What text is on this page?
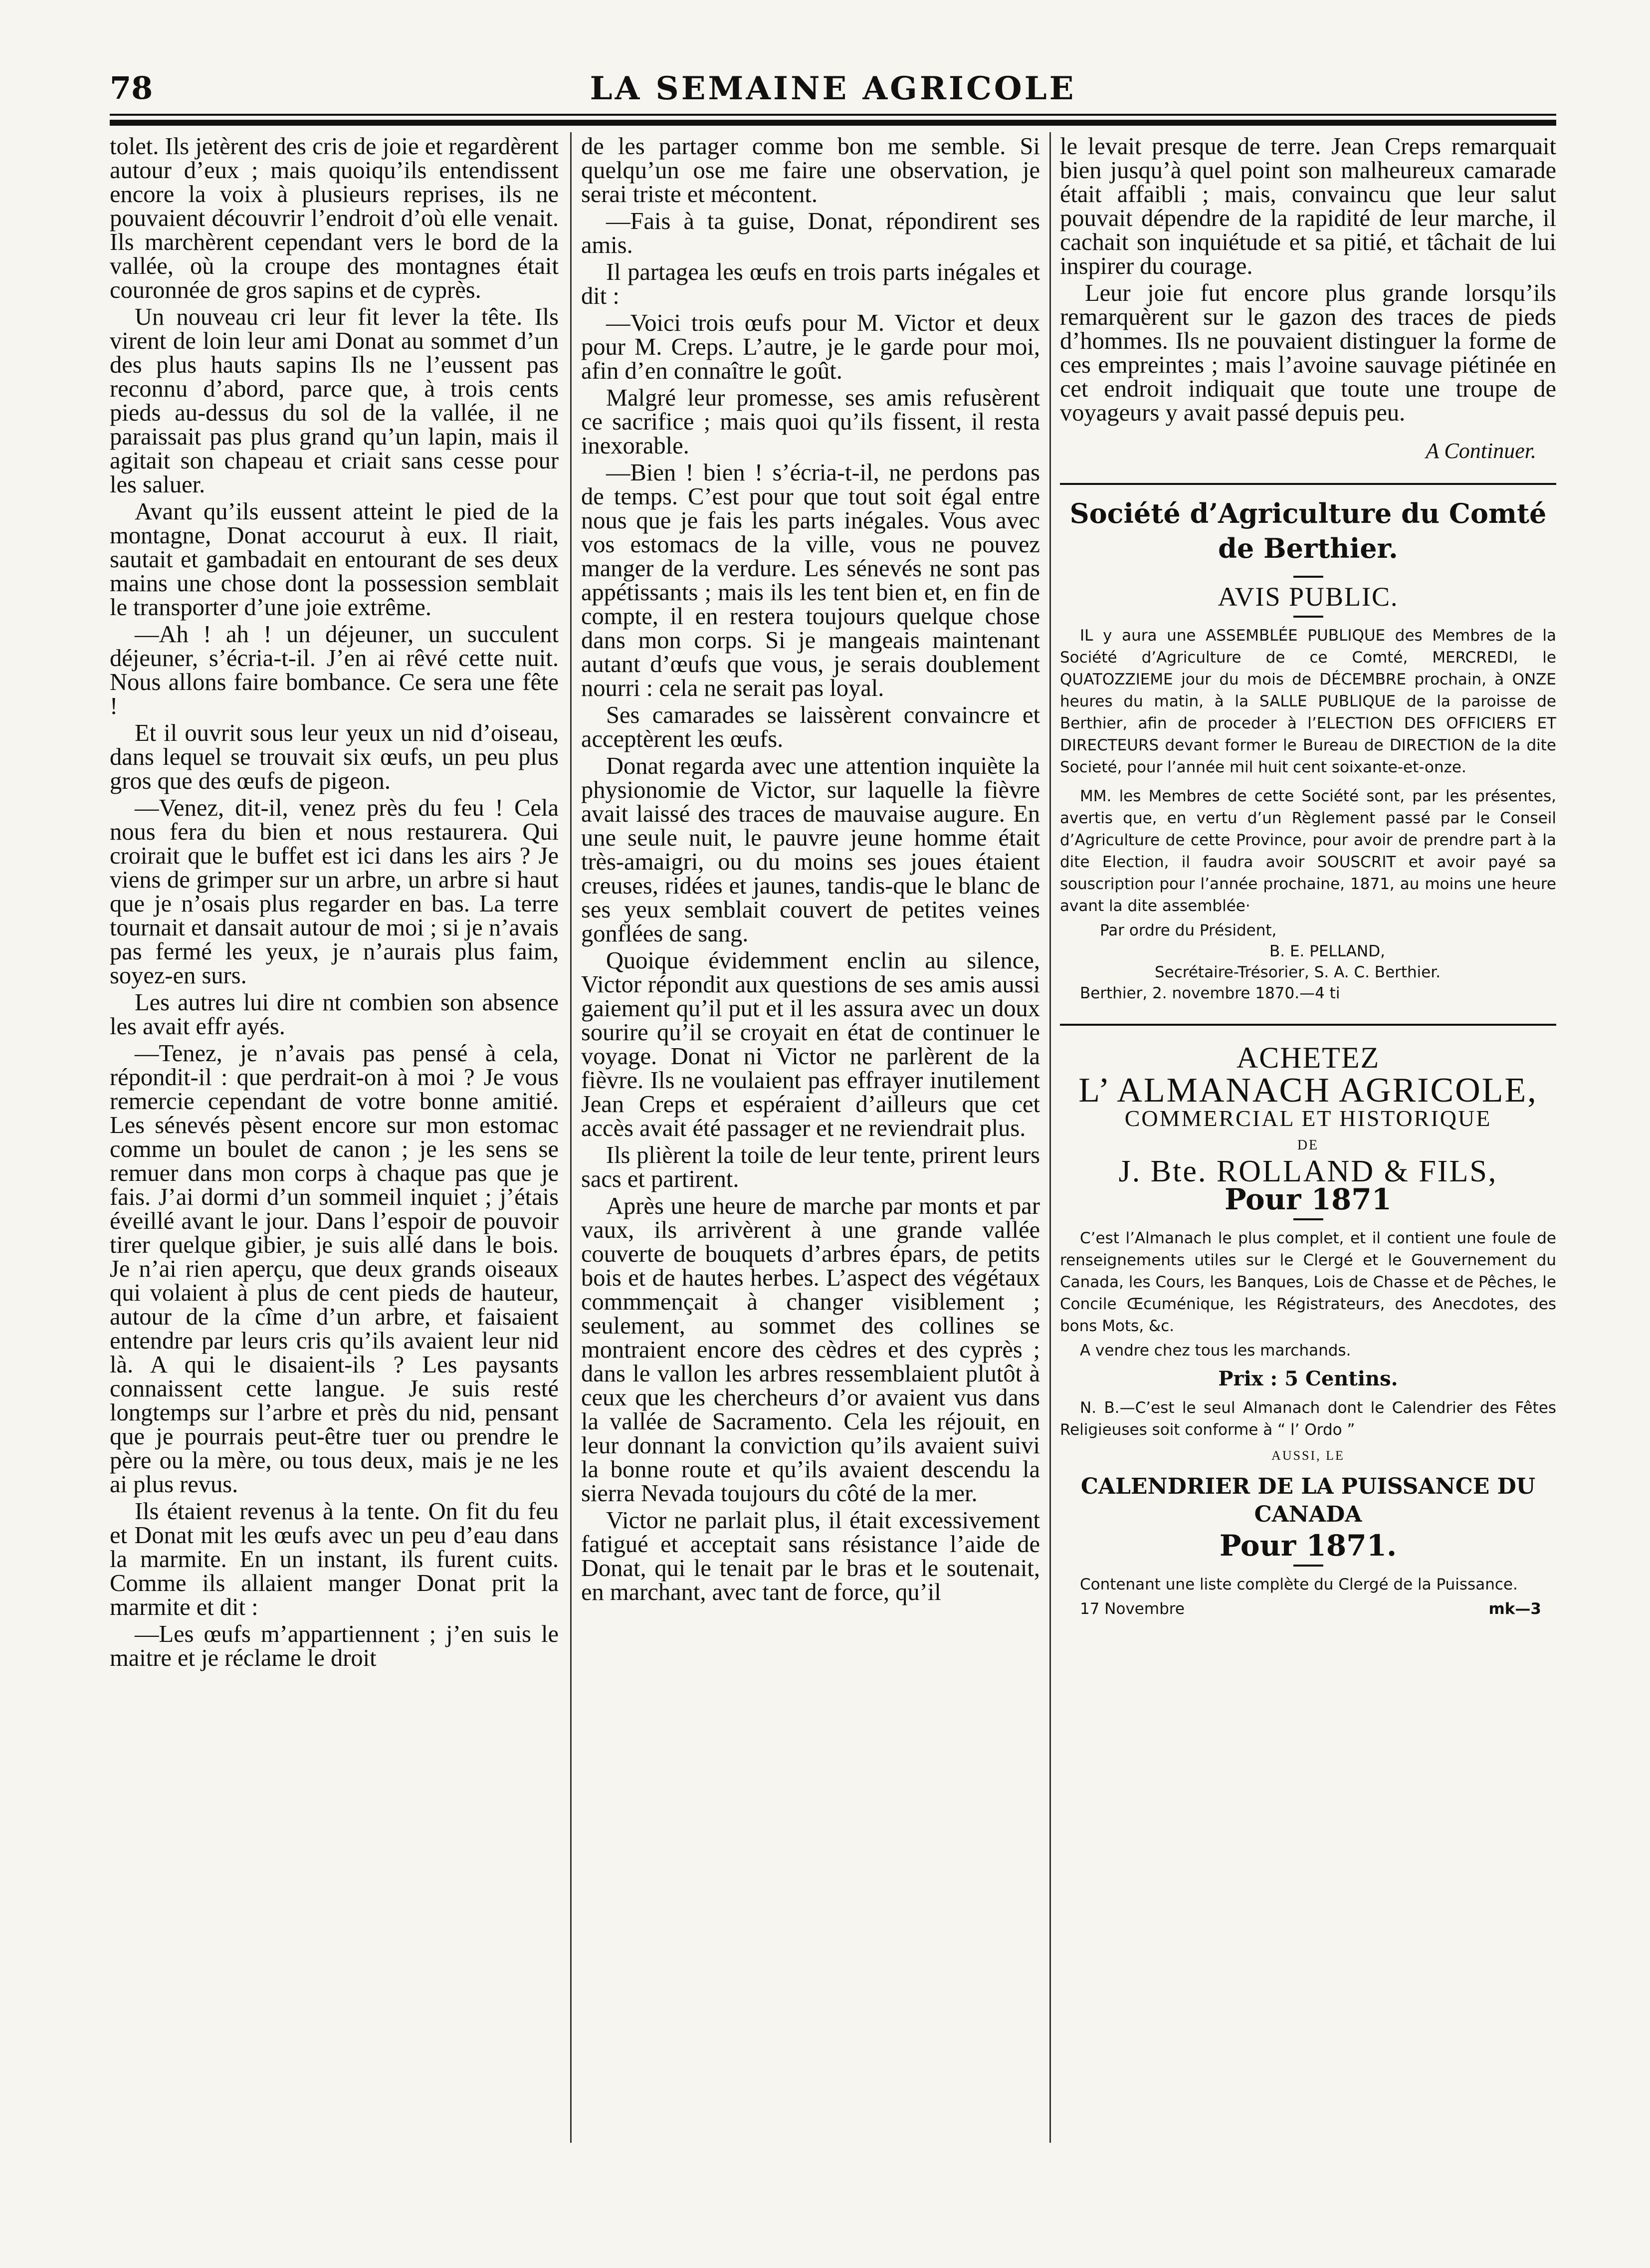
78	LA SEMAINE AGRICOLE

tolet. Ils jetèrent des cris de joie et regardèrent autour d’eux ; mais quoiqu’ils entendissent encore la voix à plusieurs reprises, ils ne pouvaient découvrir l’endroit d’où elle venait. Ils marchèrent cependant vers le bord de la vallée, où la croupe des montagnes était couronnée de gros sapins et de cyprès.

Un nouveau cri leur fit lever la tête. Ils virent de loin leur ami Donat au sommet d’un des plus hauts sapins Ils ne l’eussent pas reconnu d’abord, parce que, à trois cents pieds au-dessus du sol de la vallée, il ne paraissait pas plus grand qu’un lapin, mais il agitait son chapeau et criait sans cesse pour les saluer.

Avant qu’ils eussent atteint le pied de la montagne, Donat accourut à eux. Il riait, sautait et gambadait en entourant de ses deux mains une chose dont la possession semblait le transporter d’une joie extrême.

—Ah ! ah ! un déjeuner, un succulent déjeuner, s’écria-t-il. J’en ai rêvé cette nuit. Nous allons faire bombance. Ce sera une fête !

Et il ouvrit sous leur yeux un nid d’oiseau, dans lequel se trouvait six œufs, un peu plus gros que des œufs de pigeon.

—Venez, dit-il, venez près du feu ! Cela nous fera du bien et nous restaurera. Qui croirait que le buffet est ici dans les airs ? Je viens de grimper sur un arbre, un arbre si haut que je n’osais plus regarder en bas. La terre tournait et dansait autour de moi ; si je n’avais pas fermé les yeux, je n’aurais plus faim, soyez-en surs.

Les autres lui dire nt combien son absence les avait effr ayés.

—Tenez, je n’avais pas pensé à cela, répondit-il : que perdrait-on à moi ? Je vous remercie cependant de votre bonne amitié. Les sénevés pèsent encore sur mon estomac comme un boulet de canon ; je les sens se remuer dans mon corps à chaque pas que je fais. J’ai dormi d’un sommeil inquiet ; j’étais éveillé avant le jour. Dans l’espoir de pouvoir tirer quelque gibier, je suis allé dans le bois. Je n’ai rien aperçu, que deux grands oiseaux qui volaient à plus de cent pieds de hauteur, autour de la cîme d’un arbre, et faisaient entendre par leurs cris qu’ils avaient leur nid là. A qui le disaient-ils ? Les paysants connaissent cette langue. Je suis resté longtemps sur l’arbre et près du nid, pensant que je pourrais peut-être tuer ou prendre le père ou la mère, ou tous deux, mais je ne les ai plus revus.

Ils étaient revenus à la tente. On fit du feu et Donat mit les œufs avec un peu d’eau dans la marmite. En un instant, ils furent cuits. Comme ils allaient manger Donat prit la marmite et dit :

—Les œufs m’appartiennent ; j’en suis le maitre et je réclame le droit

de les partager comme bon me semble. Si quelqu’un ose me faire une observation, je serai triste et mécontent.

—Fais à ta guise, Donat, répondirent ses amis.

Il partagea les œufs en trois parts inégales et dit :

—Voici trois œufs pour M. Victor et deux pour M. Creps. L’autre, je le garde pour moi, afin d’en connaître le goût.

Malgré leur promesse, ses amis refusèrent ce sacrifice ; mais quoi qu’ils fissent, il resta inexorable.

—Bien ! bien ! s’écria-t-il, ne perdons pas de temps. C’est pour que tout soit égal entre nous que je fais les parts inégales. Vous avec vos estomacs de la ville, vous ne pouvez manger de la verdure. Les sénevés ne sont pas appétissants ; mais ils les tent bien et, en fin de compte, il en restera toujours quelque chose dans mon corps. Si je mangeais maintenant autant d’œufs que vous, je serais doublement nourri : cela ne serait pas loyal.

Ses camarades se laissèrent convaincre et acceptèrent les œufs.

Donat regarda avec une attention inquiète la physionomie de Victor, sur laquelle la fièvre avait laissé des traces de mauvaise augure. En une seule nuit, le pauvre jeune homme était très-amaigri, ou du moins ses joues étaient creuses, ridées et jaunes, tandis-que le blanc de ses yeux semblait couvert de petites veines gonflées de sang.

Quoique évidemment enclin au silence, Victor répondit aux questions de ses amis aussi gaiement qu’il put et il les assura avec un doux sourire qu’il se croyait en état de continuer le voyage. Donat ni Victor ne parlèrent de la fièvre. Ils ne voulaient pas effrayer inutilement Jean Creps et espéraient d’ailleurs que cet accès avait été passager et ne reviendrait plus.

Ils plièrent la toile de leur tente, prirent leurs sacs et partirent.

Après une heure de marche par monts et par vaux, ils arrivèrent à une grande vallée couverte de bouquets d’arbres épars, de petits bois et de hautes herbes. L’aspect des végétaux commmençait à changer visiblement ; seulement, au sommet des collines se montraient encore des cèdres et des cyprès ; dans le vallon les arbres ressemblaient plutôt à ceux que les chercheurs d’or avaient vus dans la vallée de Sacramento. Cela les réjouit, en leur donnant la conviction qu’ils avaient suivi la bonne route et qu’ils avaient descendu la sierra Nevada toujours du côté de la mer.

Victor ne parlait plus, il était excessivement fatigué et acceptait sans résistance l’aide de Donat, qui le tenait par le bras et le soutenait, en marchant, avec tant de force, qu’il

le levait presque de terre. Jean Creps remarquait bien jusqu’à quel point son malheureux camarade était affaibli ; mais, convaincu que leur salut pouvait dépendre de la rapidité de leur marche, il cachait son inquiétude et sa pitié, et tâchait de lui inspirer du courage.

Leur joie fut encore plus grande lorsqu’ils remarquèrent sur le gazon des traces de pieds d’hommes. Ils ne pouvaient distinguer la forme de ces empreintes ; mais l’avoine sauvage piétinée en cet endroit indiquait que toute une troupe de voyageurs y avait passé depuis peu.

A Continuer.

Société d’Agriculture du Comté de Berthier.
AVIS PUBLIC.

IL y aura une ASSEMBLÉE PUBLIQUE des Membres de la Société d’Agriculture de ce Comté, MERCREDI, le QUATOZZIEME jour du mois de DÉCEMBRE prochain, à ONZE heures du matin, à la SALLE PUBLIQUE de la paroisse de Berthier, afin de proceder à l’ELECTION DES OFFICIERS ET DIRECTEURS devant former le Bureau de DIRECTION de la dite Societé, pour l’année mil huit cent soixante-et-onze.

MM. les Membres de cette Société sont, par les présentes, avertis que, en vertu d’un Règlement passé par le Conseil d’Agriculture de cette Province, pour avoir de prendre part à la dite Election, il faudra avoir SOUSCRIT et avoir payé sa souscription pour l’année prochaine, 1871, au moins une heure avant la dite assemblée·

Par ordre du Président,
B. E. PELLAND,
Secrétaire-Trésorier, S. A. C. Berthier.
Berthier, 2. novembre 1870.—4 ti
ACHETEZ
L’ ALMANACH AGRICOLE,
COMMERCIAL ET HISTORIQUE
DE
J. Bte. ROLLAND & FILS,
Pour 1871

C’est l’Almanach le plus complet, et il contient une foule de renseignements utiles sur le Clergé et le Gouvernement du Canada, les Cours, les Banques, Lois de Chasse et de Pêches, le Concile Œcuménique, les Régistrateurs, des Anecdotes, des bons Mots, &c.

A vendre chez tous les marchands.
Prix : 5 Centins.

N. B.—C’est le seul Almanach dont le Calendrier des Fêtes Religieuses soit conforme à “ l’ Ordo ”

AUSSI, LE
CALENDRIER DE LA PUISSANCE DU CANADA
Pour 1871.

Contenant une liste complète du Clergé de la Puissance.

17 Novembre	mk—3
